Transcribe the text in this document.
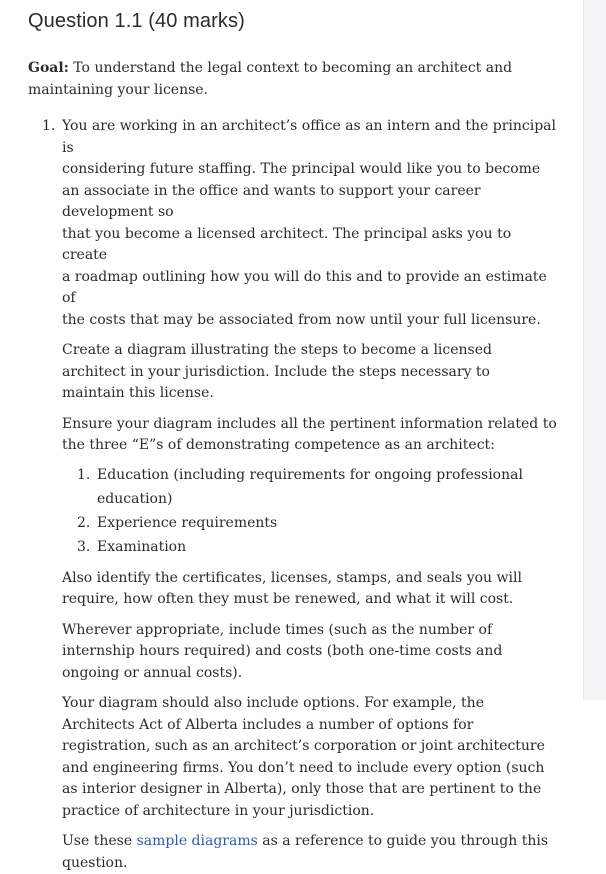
Question 1.1 (40 marks)
Goal: To understand the legal context to becoming an architect and maintaining your license.
1. You are working in an architect’s office as an intern and the principal is
considering future staffing. The principal would like you to become
an associate in the office and wants to support your career development so
that you become a licensed architect. The principal asks you to create
a roadmap outlining how you will do this and to provide an estimate of
the costs that may be associated from now until your full licensure.
Create a diagram illustrating the steps to become a licensed architect in your jurisdiction. Include the steps necessary to maintain this license.
Ensure your diagram includes all the pertinent information related to the three “E”s of demonstrating competence as an architect:
1. Education (including requirements for ongoing professional education)
2. Experience requirements
3. Examination
Also identify the certificates, licenses, stamps, and seals you will require, how often they must be renewed, and what it will cost.
Wherever appropriate, include times (such as the number of internship hours required) and costs (both one-time costs and ongoing or annual costs).
Your diagram should also include options. For example, the Architects Act of Alberta includes a number of options for registration, such as an architect’s corporation or joint architecture and engineering firms. You don’t need to include every option (such as interior designer in Alberta), only those that are pertinent to the practice of architecture in your jurisdiction.
Use these sample diagrams as a reference to guide you through this question.
